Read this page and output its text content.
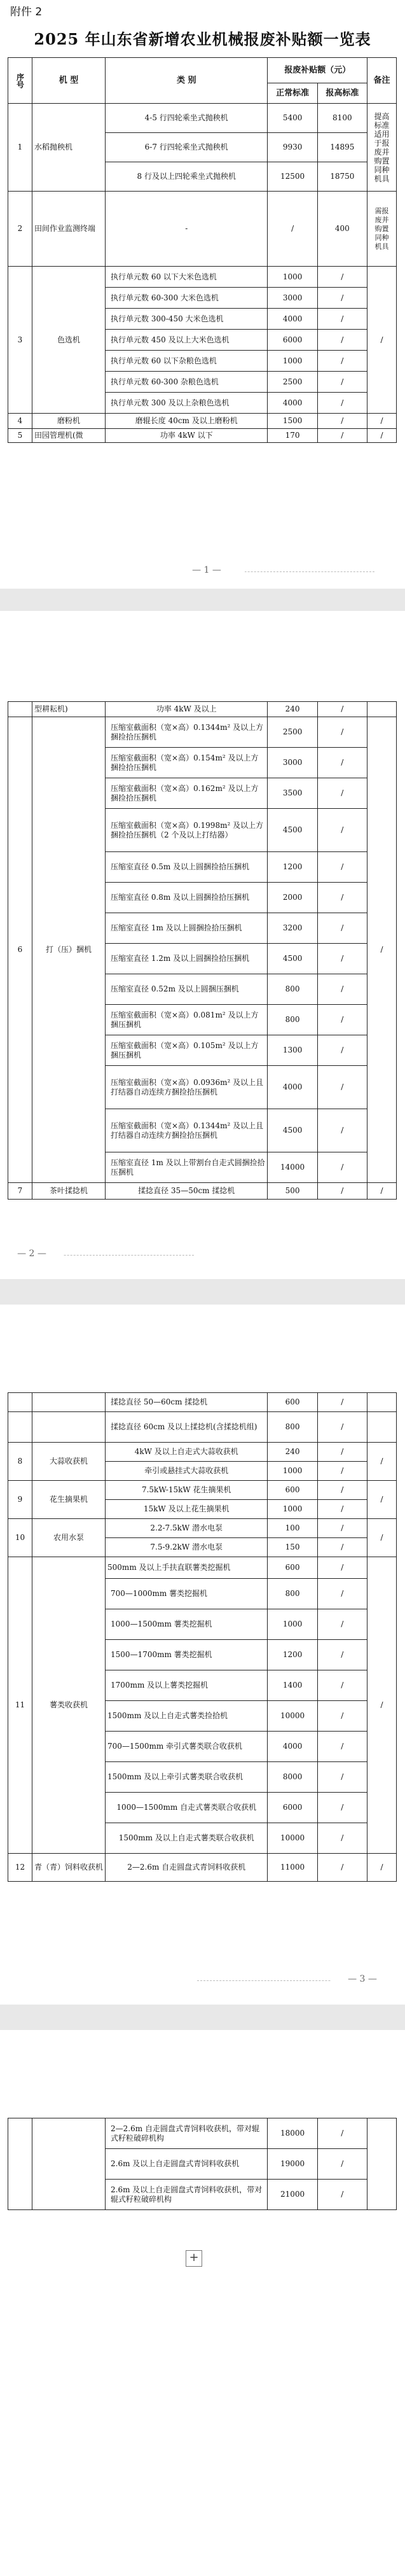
附件 2
2025 年山东省新增农业机械报废补贴额一览表
序号	机 型	类 别	报废补贴额（元）		备注
			正常标准	报高标准	
1	水稻抛秧机	4-5 行四轮乘坐式抛秧机	5400	8100	提高标准适用于报废并购置同种机具

		6-7 行四轮乘坐式抛秧机	9930	14895	
		8 行及以上四轮乘坐式抛秧机	12500	18750	
2	田间作业监测终端	-	/	400	需报废并购置同种机具

3	色选机	执行单元数 60 以下大米色选机	1000	/	/
		执行单元数 60-300 大米色选机	3000	/	
		执行单元数 300-450 大米色选机	4000	/	
		执行单元数 450 及以上大米色选机	6000	/	
		执行单元数 60 以下杂粮色选机	1000	/	
		执行单元数 60-300 杂粮色选机	2500	/	
		执行单元数 300 及以上杂粮色选机	4000	/	
4	磨粉机	磨辊长度 40cm 及以上磨粉机	1500	/	/
5	田园管理机(微	功率 4kW 以下	170	/	/
— 1 —
	型耕耘机)	功率 4kW 及以上	240	/	
6	打（压）捆机	压缩室截面积（宽×高）0.1344m² 及以上方捆捡拾压捆机	2500	/	/
		压缩室截面积（宽×高）0.154m² 及以上方捆捡拾压捆机	3000	/	
		压缩室截面积（宽×高）0.162m² 及以上方捆捡拾压捆机	3500	/	
		压缩室截面积（宽×高）0.1998m² 及以上方捆捡拾压捆机（2 个及以上打结器）	4500	/	
		压缩室直径 0.5m 及以上圆捆捡拾压捆机	1200	/	
		压缩室直径 0.8m 及以上圆捆捡拾压捆机	2000	/	
		压缩室直径 1m 及以上圆捆捡拾压捆机	3200	/	
		压缩室直径 1.2m 及以上圆捆捡拾压捆机	4500	/	
		压缩室直径 0.52m 及以上圆捆压捆机	800	/	
		压缩室截面积（宽×高）0.081m² 及以上方捆压捆机	800	/	
		压缩室截面积（宽×高）0.105m² 及以上方捆压捆机	1300	/	
		压缩室截面积（宽×高）0.0936m² 及以上且打结器自动连续方捆捡拾压捆机	4000	/	
		压缩室截面积（宽×高）0.1344m² 及以上且打结器自动连续方捆捡拾压捆机	4500	/	
		压缩室直径 1m 及以上带割台自走式圆捆捡拾压捆机	14000	/	
7	茶叶揉捻机	揉捻直径 35—50cm 揉捻机	500	/	/
— 2 —
		揉捻直径 50—60cm 揉捻机	600	/	
		揉捻直径 60cm 及以上揉捻机(含揉捻机组)	800	/	
8	大蒜收获机	4kW 及以上自走式大蒜收获机	240	/	/
		牵引或悬挂式大蒜收获机	1000	/	
9	花生摘果机	7.5kW-15kW 花生摘果机	600	/	/
		15kW 及以上花生摘果机	1000	/	
10	农用水泵	2.2-7.5kW 潜水电泵	100	/	/
		7.5-9.2kW 潜水电泵	150	/	
11	薯类收获机	500mm 及以上手扶直联薯类挖掘机	600	/	/
		700—1000mm 薯类挖掘机	800	/	
		1000—1500mm 薯类挖掘机	1000	/	
		1500—1700mm 薯类挖掘机	1200	/	
		1700mm 及以上薯类挖掘机	1400	/	
		1500mm 及以上自走式薯类捡拾机	10000	/	
		700—1500mm 牵引式薯类联合收获机	4000	/	
		1500mm 及以上牵引式薯类联合收获机	8000	/	
		1000—1500mm 自走式薯类联合收获机	6000	/	
		1500mm 及以上自走式薯类联合收获机	10000	/	
12	青（青）饲料收获机	2—2.6m 自走圆盘式青饲料收获机	11000	/	/
— 3 —
		2—2.6m 自走圆盘式青饲料收获机，带对辊式籽粒破碎机构	18000	/	
		2.6m 及以上自走圆盘式青饲料收获机	19000	/	
		2.6m 及以上自走圆盘式青饲料收获机，带对辊式籽粒破碎机构	21000	/	
+
